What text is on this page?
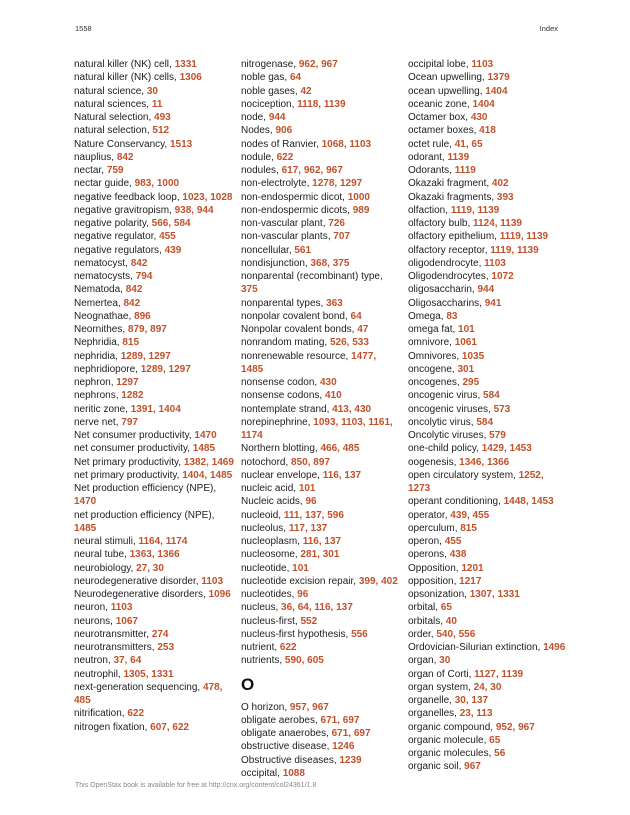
1558	Index
natural killer (NK) cell, 1331
natural killer (NK) cells, 1306
natural science, 30
natural sciences, 11
Natural selection, 493
natural selection, 512
Nature Conservancy, 1513
nauplius, 842
nectar, 759
nectar guide, 983, 1000
negative feedback loop, 1023, 1028
negative gravitropism, 938, 944
negative polarity, 566, 584
negative regulator, 455
negative regulators, 439
nematocyst, 842
nematocysts, 794
Nematoda, 842
Nemertea, 842
Neognathae, 896
Neornithes, 879, 897
Nephridia, 815
nephridia, 1289, 1297
nephridiopore, 1289, 1297
nephron, 1297
nephrons, 1282
neritic zone, 1391, 1404
nerve net, 797
Net consumer productivity, 1470
net consumer productivity, 1485
Net primary productivity, 1382, 1469
net primary productivity, 1404, 1485
Net production efficiency (NPE), 1470
net production efficiency (NPE), 1485
neural stimuli, 1164, 1174
neural tube, 1363, 1366
neurobiology, 27, 30
neurodegenerative disorder, 1103
Neurodegenerative disorders, 1096
neuron, 1103
neurons, 1067
neurotransmitter, 274
neurotransmitters, 253
neutron, 37, 64
neutrophil, 1305, 1331
next-generation sequencing, 478, 485
nitrification, 622
nitrogen fixation, 607, 622
nitrogenase, 962, 967
noble gas, 64
noble gases, 42
nociception, 1118, 1139
node, 944
Nodes, 906
nodes of Ranvier, 1068, 1103
nodule, 622
nodules, 617, 962, 967
non-electrolyte, 1278, 1297
non-endospermic dicot, 1000
non-endospermic dicots, 989
non-vascular plant, 726
non-vascular plants, 707
noncellular, 561
nondisjunction, 368, 375
nonparental (recombinant) type, 375
nonparental types, 363
nonpolar covalent bond, 64
Nonpolar covalent bonds, 47
nonrandom mating, 526, 533
nonrenewable resource, 1477, 1485
nonsense codon, 430
nonsense codons, 410
nontemplate strand, 413, 430
norepinephrine, 1093, 1103, 1161, 1174
Northern blotting, 466, 485
notochord, 850, 897
nuclear envelope, 116, 137
nucleic acid, 101
Nucleic acids, 96
nucleoid, 111, 137, 596
nucleolus, 117, 137
nucleoplasm, 116, 137
nucleosome, 281, 301
nucleotide, 101
nucleotide excision repair, 399, 402
nucleotides, 96
nucleus, 36, 64, 116, 137
nucleus-first, 552
nucleus-first hypothesis, 556
nutrient, 622
nutrients, 590, 605
O
O horizon, 957, 967
obligate aerobes, 671, 697
obligate anaerobes, 671, 697
obstructive disease, 1246
Obstructive diseases, 1239
occipital, 1088
occipital lobe, 1103
Ocean upwelling, 1379
ocean upwelling, 1404
oceanic zone, 1404
Octamer box, 430
octamer boxes, 418
octet rule, 41, 65
odorant, 1139
Odorants, 1119
Okazaki fragment, 402
Okazaki fragments, 393
olfaction, 1119, 1139
olfactory bulb, 1124, 1139
olfactory epithelium, 1119, 1139
olfactory receptor, 1119, 1139
oligodendrocyte, 1103
Oligodendrocytes, 1072
oligosaccharin, 944
Oligosaccharins, 941
Omega, 83
omega fat, 101
omnivore, 1061
Omnivores, 1035
oncogene, 301
oncogenes, 295
oncogenic virus, 584
oncogenic viruses, 573
oncolytic virus, 584
Oncolytic viruses, 579
one-child policy, 1429, 1453
oogenesis, 1346, 1366
open circulatory system, 1252, 1273
operant conditioning, 1448, 1453
operator, 439, 455
operculum, 815
operon, 455
operons, 438
Opposition, 1201
opposition, 1217
opsonization, 1307, 1331
orbital, 65
orbitals, 40
order, 540, 556
Ordovician-Silurian extinction, 1496
organ, 30
organ of Corti, 1127, 1139
organ system, 24, 30
organelle, 30, 137
organelles, 23, 113
organic compound, 952, 967
organic molecule, 65
organic molecules, 56
organic soil, 967
This OpenStax book is available for free at http://cnx.org/content/col24361/1.8
